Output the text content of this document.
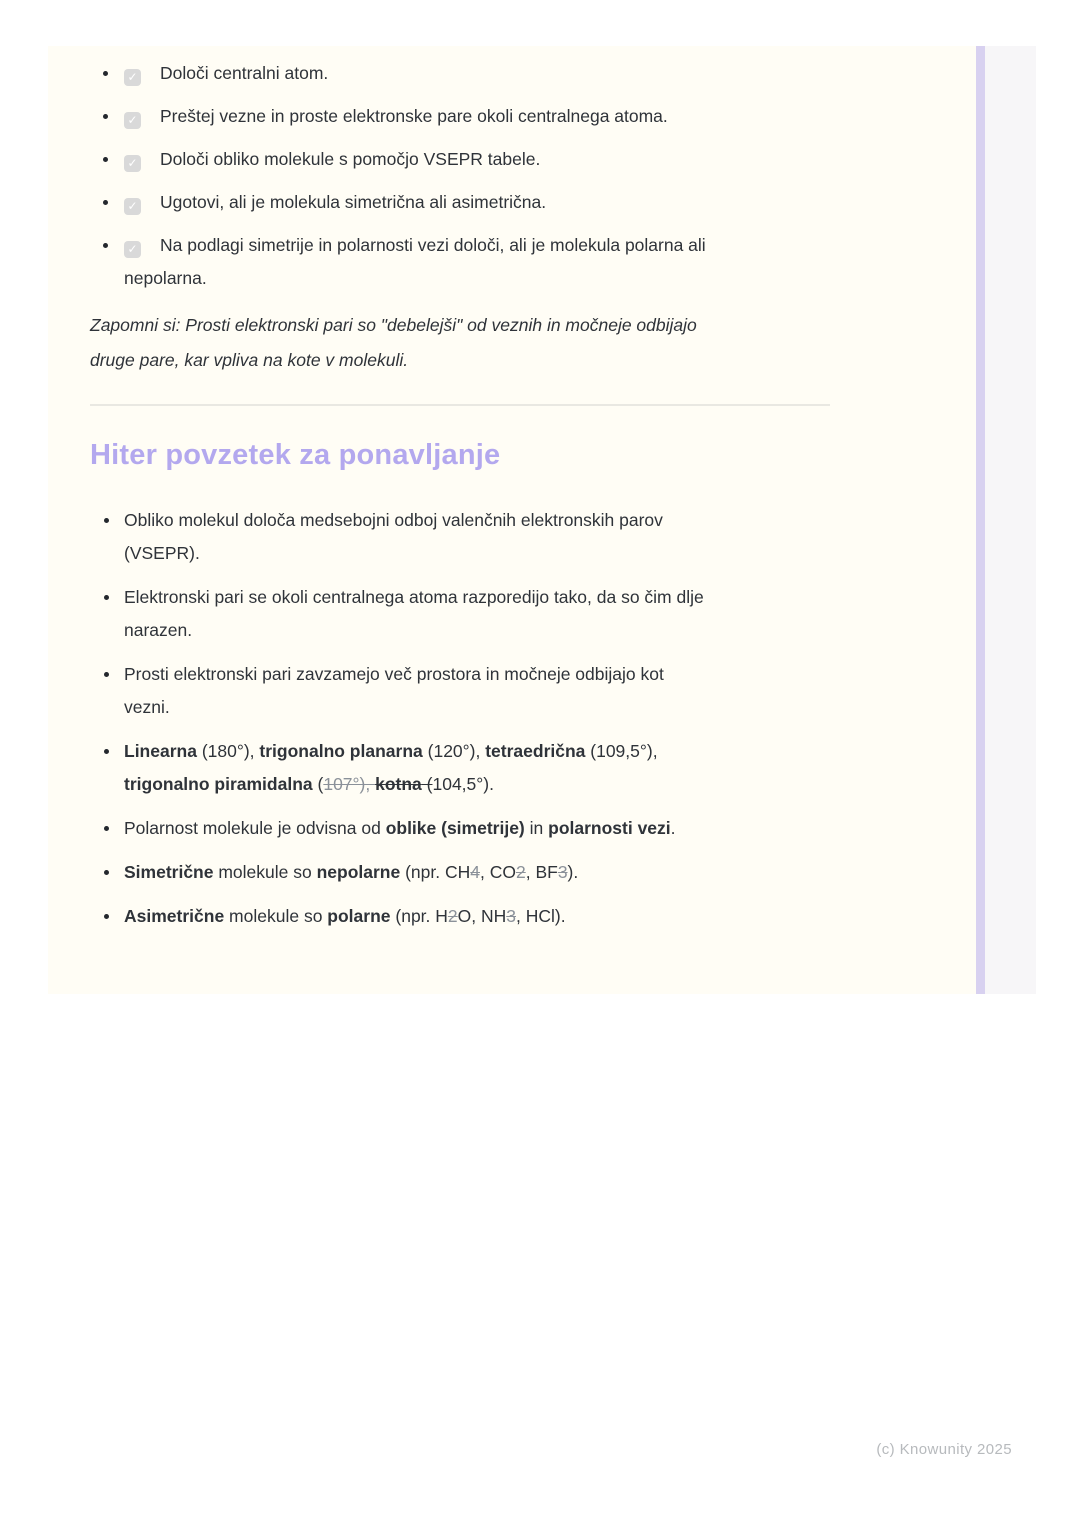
✓ Določi centralni atom.
✓ Preštej vezne in proste elektronske pare okoli centralnega atoma.
✓ Določi obliko molekule s pomočjo VSEPR tabele.
✓ Ugotovi, ali je molekula simetrična ali asimetrična.
✓ Na podlagi simetrije in polarnosti vezi določi, ali je molekula polarna ali
nepolarna.

Zapomni si: Prosti elektronski pari so "debelejši" od veznih in močneje odbijajo
druge pare, kar vpliva na kote v molekuli.

Hiter povzetek za ponavljanje
Obliko molekul določa medsebojni odboj valenčnih elektronskih parov
(VSEPR).
Elektronski pari se okoli centralnega atoma razporedijo tako, da so čim dlje
narazen.
Prosti elektronski pari zavzamejo več prostora in močneje odbijajo kot
vezni.
Linearna (180°), trigonalno planarna (120°), tetraedrična (109,5°),
trigonalno piramidalna (107°), kotna (104,5°).
Polarnost molekule je odvisna od oblike (simetrije) in polarnosti vezi.
Simetrične molekule so nepolarne (npr. CH4, CO2, BF3).
Asimetrične molekule so polarne (npr. H2O, NH3, HCl).
(c) Knowunity 2025
